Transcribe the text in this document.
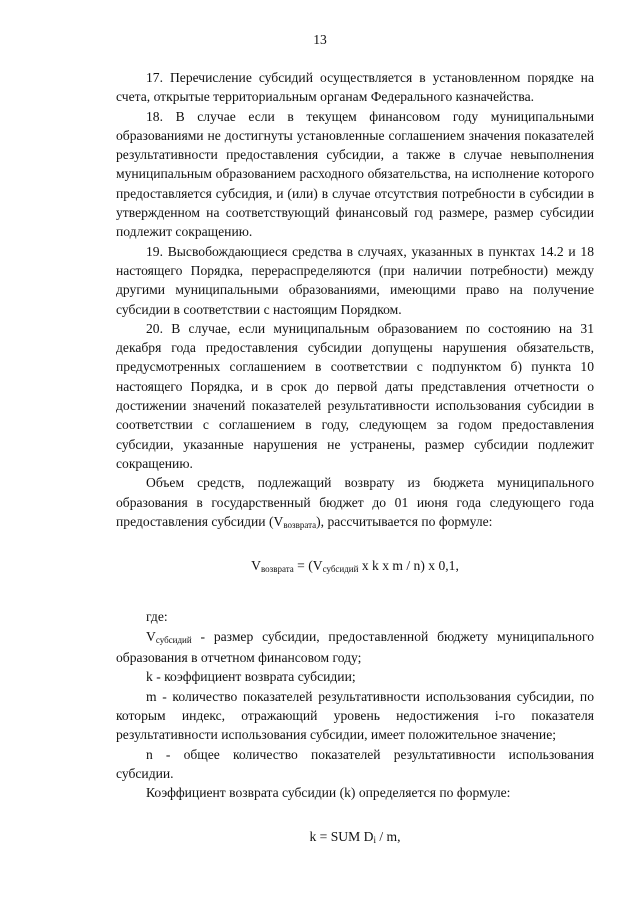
13

17. Перечисление субсидий осуществляется в установленном порядке на счета, открытые территориальным органам Федерального казначейства.

18. В случае если в текущем финансовом году муниципальными образованиями не достигнуты установленные соглашением значения показателей результативности предоставления субсидии, а также в случае невыполнения муниципальным образованием расходного обязательства, на исполнение которого предоставляется субсидия, и (или) в случае отсутствия потребности в субсидии в утвержденном на соответствующий финансовый год размере, размер субсидии подлежит сокращению.

19. Высвобождающиеся средства в случаях, указанных в пунктах 14.2 и 18 настоящего Порядка, перераспределяются (при наличии потребности) между другими муниципальными образованиями, имеющими право на получение субсидии в соответствии с настоящим Порядком.

20. В случае, если муниципальным образованием по состоянию на 31 декабря года предоставления субсидии допущены нарушения обязательств, предусмотренных соглашением в соответствии с подпунктом б) пункта 10 настоящего Порядка, и в срок до первой даты представления отчетности о достижении значений показателей результативности использования субсидии в соответствии с соглашением в году, следующем за годом предоставления субсидии, указанные нарушения не устранены, размер субсидии подлежит сокращению.

Объем средств, подлежащий возврату из бюджета муниципального образования в государственный бюджет до 01 июня года следующего года предоставления субсидии (Vвозврата), рассчитывается по формуле:

Vвозврата = (Vсубсидий x k x m / n) x 0,1,

где:

Vсубсидий - размер субсидии, предоставленной бюджету муниципального образования в отчетном финансовом году;

k - коэффициент возврата субсидии;

m - количество показателей результативности использования субсидии, по которым индекс, отражающий уровень недостижения i-го показателя результативности использования субсидии, имеет положительное значение;

n - общее количество показателей результативности использования субсидии.

Коэффициент возврата субсидии (k) определяется по формуле:

k = SUM Di / m,
